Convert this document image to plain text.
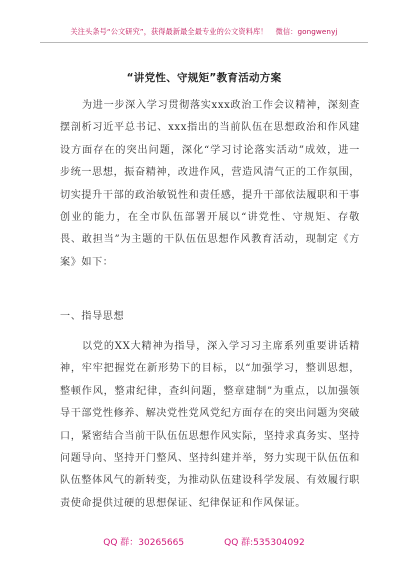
关注头条号“公文研究”，获得最新最全最专业的公文资料库！ 微信：gongwenyj
“讲党性、守规矩”教育活动方案
为进一步深入学习贯彻落实xxx政治工作会议精神，深刻查摆剖析习近平总书记、xxx指出的当前队伍在思想政治和作风建设方面存在的突出问题，深化“学习讨论落实活动”成效，进一步统一思想，振奋精神，改进作风，营造风清气正的工作氛围，切实提升干部的政治敏锐性和责任感，提升干部依法履职和干事创业的能力，在全市队伍部署开展以“讲党性、守规矩、存敬畏、敢担当”为主题的干队伍伍思想作风教育活动，现制定《方案》如下：
一、指导思想
以党的XX大精神为指导，深入学习习主席系列重要讲话精神，牢牢把握党在新形势下的目标，以“加强学习，整训思想，整顿作风，整肃纪律，查纠问题，整章建制”为重点，以加强领导干部党性修养、解决党性党风党纪方面存在的突出问题为突破口，紧密结合当前干队伍伍思想作风实际，坚持求真务实、坚持问题导向、坚持开门整风、坚持纠建并举，努力实现干队伍伍和队伍整体风气的新转变，为推动队伍建设科学发展、有效履行职责使命提供过硬的思想保证、纪律保证和作风保证。
QQ 群：30265665	QQ 群:535304092
